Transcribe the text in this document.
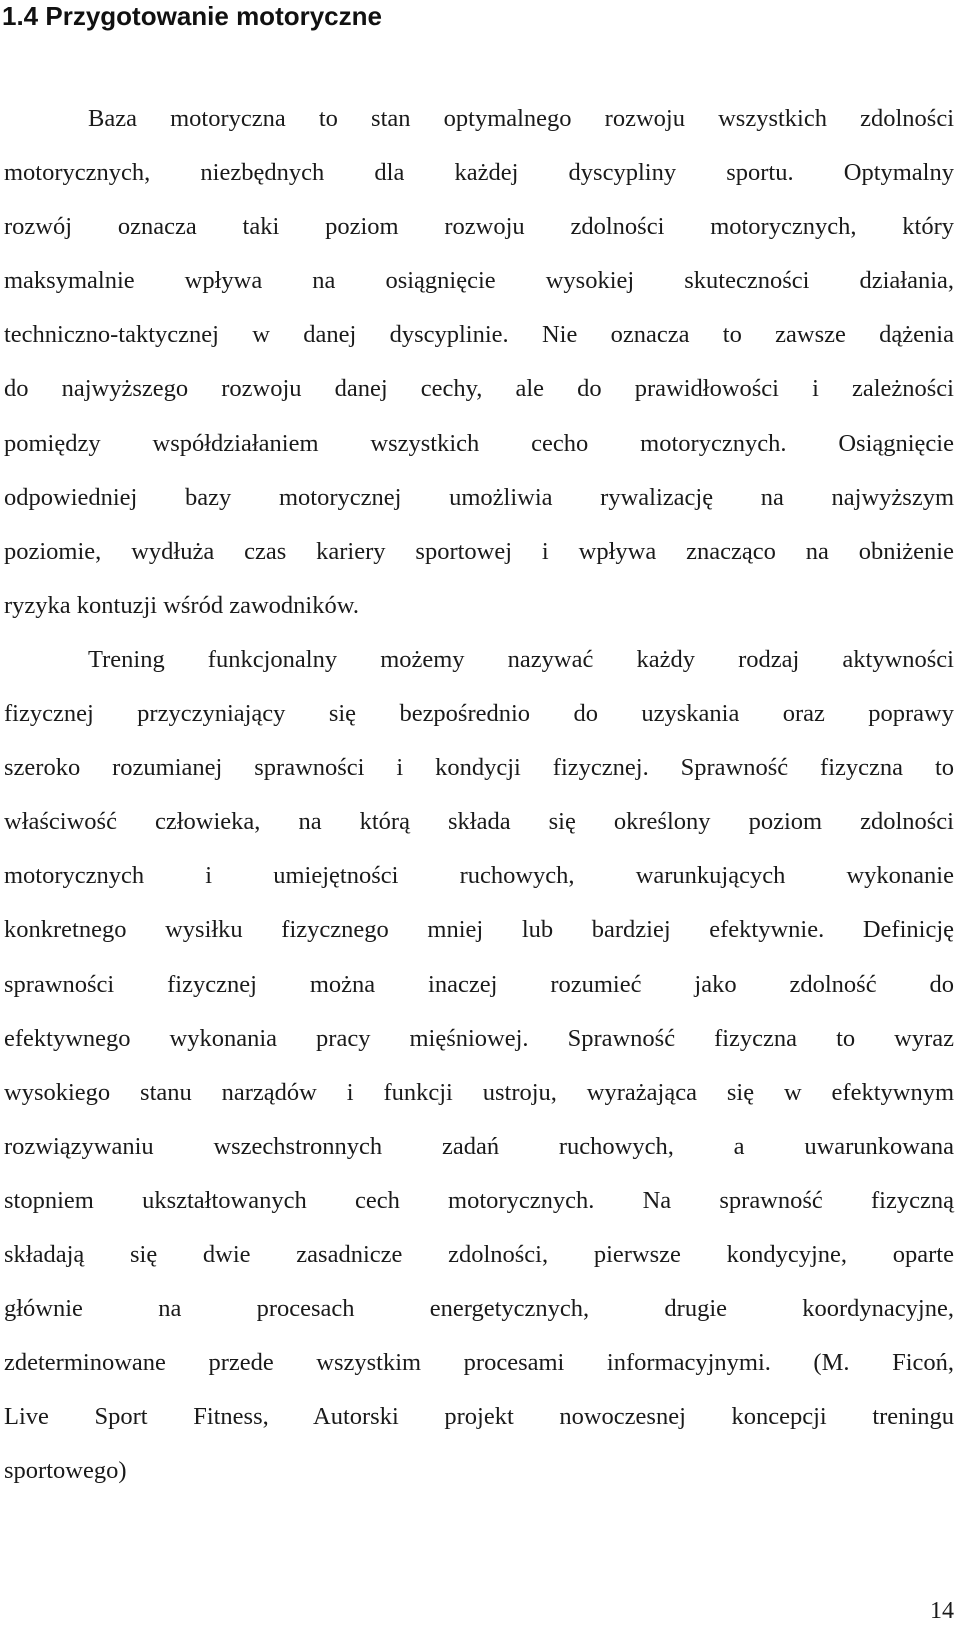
1.4 Przygotowanie motoryczne
Baza motoryczna to stan optymalnego rozwoju wszystkich zdolności
motorycznych, niezbędnych dla każdej dyscypliny sportu. Optymalny
rozwój oznacza taki poziom rozwoju zdolności motorycznych, który
maksymalnie wpływa na osiągnięcie wysokiej skuteczności działania,
techniczno-taktycznej w danej dyscyplinie. Nie oznacza to zawsze dążenia
do najwyższego rozwoju danej cechy, ale do prawidłowości i zależności
pomiędzy współdziałaniem wszystkich cecho motorycznych. Osiągnięcie
odpowiedniej bazy motorycznej umożliwia rywalizację na najwyższym
poziomie, wydłuża czas kariery sportowej i wpływa znacząco na obniżenie
ryzyka kontuzji wśród zawodników.
Trening funkcjonalny możemy nazywać każdy rodzaj aktywności
fizycznej przyczyniający się bezpośrednio do uzyskania oraz poprawy
szeroko rozumianej sprawności i kondycji fizycznej. Sprawność fizyczna to
właściwość człowieka, na którą składa się określony poziom zdolności
motorycznych i umiejętności ruchowych, warunkujących wykonanie
konkretnego wysiłku fizycznego mniej lub bardziej efektywnie. Definicję
sprawności fizycznej można inaczej rozumieć jako zdolność do
efektywnego wykonania pracy mięśniowej. Sprawność fizyczna to wyraz
wysokiego stanu narządów i funkcji ustroju, wyrażająca się w efektywnym
rozwiązywaniu wszechstronnych zadań ruchowych, a uwarunkowana
stopniem ukształtowanych cech motorycznych. Na sprawność fizyczną
składają się dwie zasadnicze zdolności, pierwsze kondycyjne, oparte
głównie na procesach energetycznych, drugie koordynacyjne,
zdeterminowane przede wszystkim procesami informacyjnymi. (M. Ficoń,
Live Sport Fitness, Autorski projekt nowoczesnej koncepcji treningu
sportowego)
14
